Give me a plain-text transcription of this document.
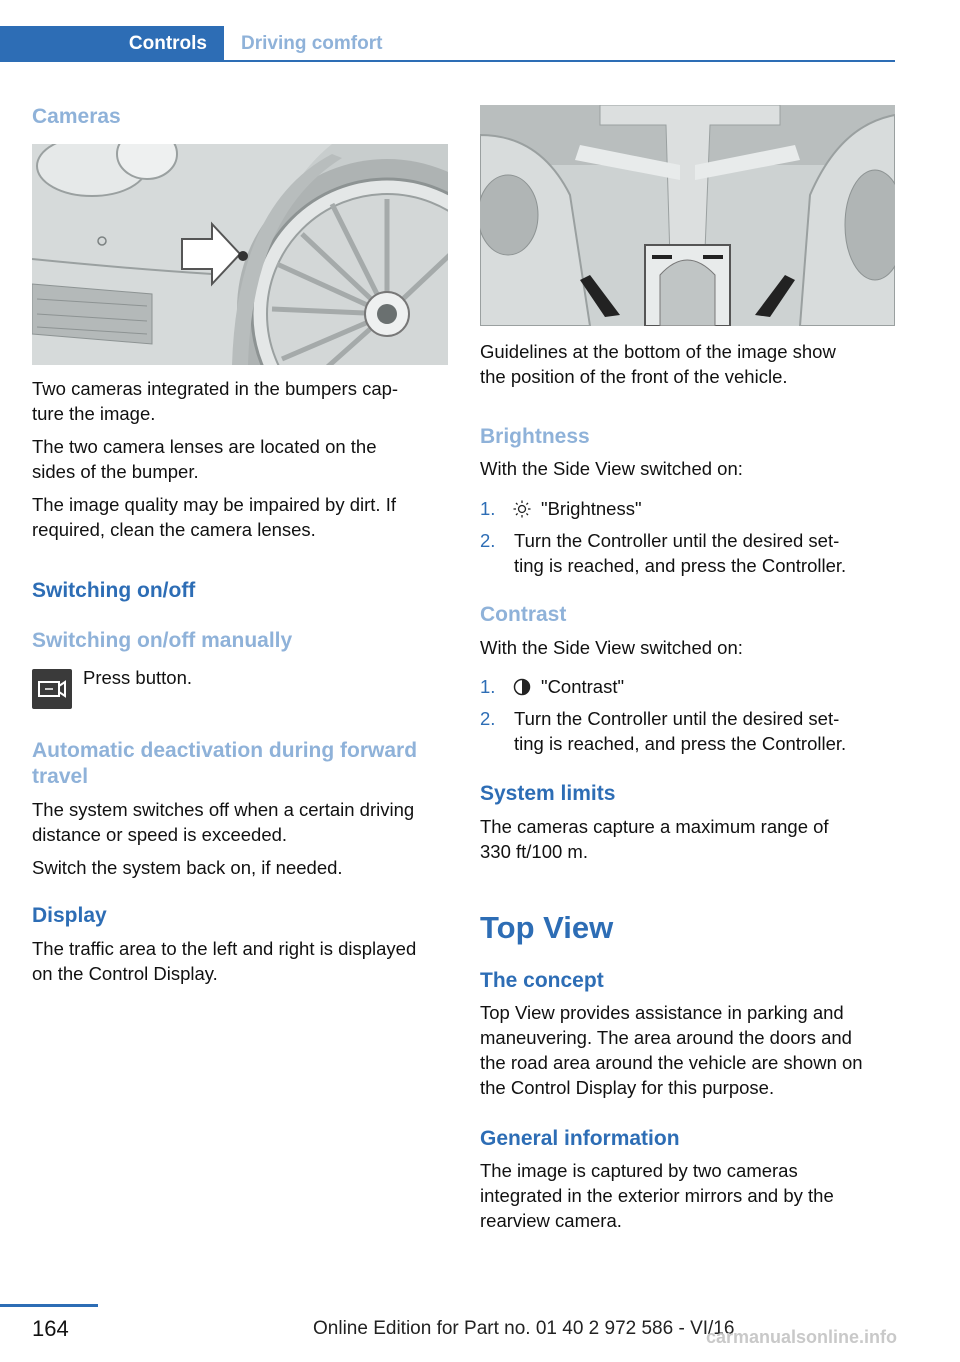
Controls Driving comfort
Cameras

Two cameras integrated in the bumpers cap-

ture the image.

The two camera lenses are located on the

sides of the bumper.

The image quality may be impaired by dirt. If

required, clean the camera lenses.

Switching on/off
Switching on/off manually
Press button.
Automatic deactivation during forward
travel

The system switches off when a certain driving

distance or speed is exceeded.

Switch the system back on, if needed.

Display

The traffic area to the left and right is displayed

on the Control Display.

Guidelines at the bottom of the image show

the position of the front of the vehicle.

Brightness
With the Side View switched on:
1. "Brightness"
2. Turn the Controller until the desired set-

ting is reached, and press the Controller.

Contrast
With the Side View switched on:
1. "Contrast"
2. Turn the Controller until the desired set-

ting is reached, and press the Controller.

System limits

The cameras capture a maximum range of

330 ft/100 m.

Top View
The concept

Top View provides assistance in parking and

maneuvering. The area around the doors and

the road area around the vehicle are shown on

the Control Display for this purpose.

General information

The image is captured by two cameras

integrated in the exterior mirrors and by the

rearview camera.

164	Online Edition for Part no. 01 40 2 972 586 - VI/16
carmanualsonline.info
